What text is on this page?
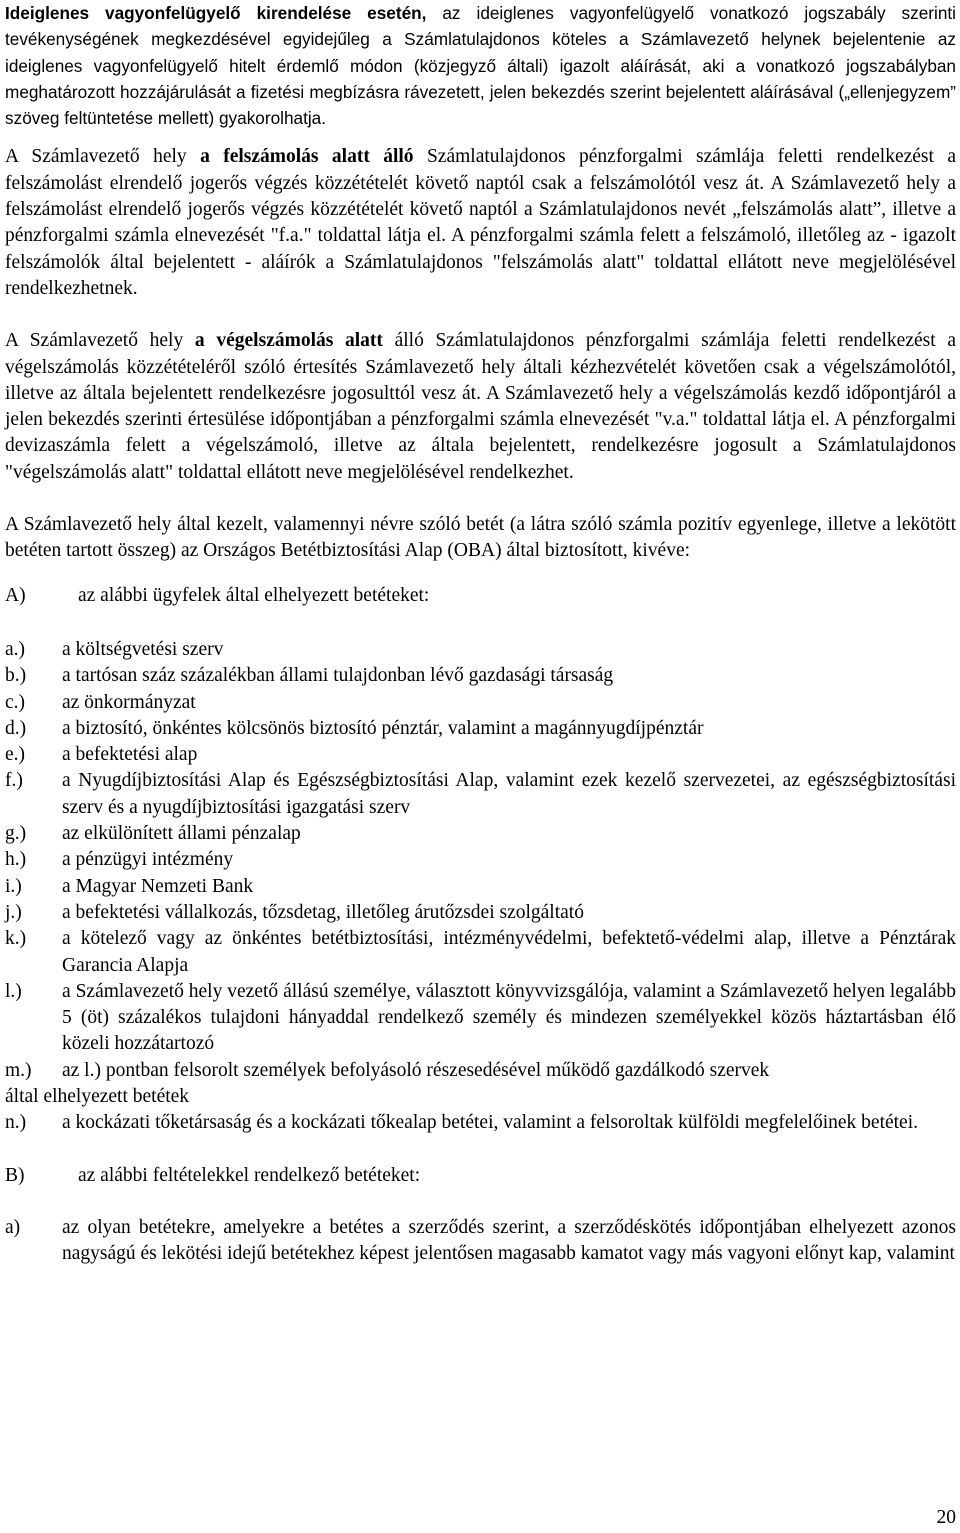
Ideiglenes vagyonfelügyelő kirendelése esetén, az ideiglenes vagyonfelügyelő vonatkozó jogszabály szerinti tevékenységének megkezdésével egyidejűleg a Számlatulajdonos köteles a Számlavezető helynek bejelentenie az ideiglenes vagyonfelügyelő hitelt érdemlő módon (közjegyző általi) igazolt aláírását, aki a vonatkozó jogszabályban meghatározott hozzájárulását a fizetési megbízásra rávezetett, jelen bekezdés szerint bejelentett aláírásával („ellenjegyzem” szöveg feltüntetése mellett) gyakorolhatja.

A Számlavezető hely a felszámolás alatt álló Számlatulajdonos pénzforgalmi számlája feletti rendelkezést a felszámolást elrendelő jogerős végzés közzétételét követő naptól csak a felszámolótól vesz át. A Számlavezető hely a felszámolást elrendelő jogerős végzés közzétételét követő naptól a Számlatulajdonos nevét „felszámolás alatt”, illetve a pénzforgalmi számla elnevezését "f.a." toldattal látja el. A pénzforgalmi számla felett a felszámoló, illetőleg az - igazolt felszámolók által bejelentett - aláírók a Számlatulajdonos "felszámolás alatt" toldattal ellátott neve megjelölésével rendelkezhetnek.

A Számlavezető hely a végelszámolás alatt álló Számlatulajdonos pénzforgalmi számlája feletti rendelkezést a végelszámolás közzétételéről szóló értesítés Számlavezető hely általi kézhezvételét követően csak a végelszámolótól, illetve az általa bejelentett rendelkezésre jogosulttól vesz át. A Számlavezető hely a végelszámolás kezdő időpontjáról a jelen bekezdés szerinti értesülése időpontjában a pénzforgalmi számla elnevezését "v.a." toldattal látja el. A pénzforgalmi devizaszámla felett a végelszámoló, illetve az általa bejelentett, rendelkezésre jogosult a Számlatulajdonos "végelszámolás alatt" toldattal ellátott neve megjelölésével rendelkezhet.

A Számlavezető hely által kezelt, valamennyi névre szóló betét (a látra szóló számla pozitív egyenlege, illetve a lekötött betéten tartott összeg) az Országos Betétbiztosítási Alap (OBA) által biztosított, kivéve:

A)	az alábbi ügyfelek által elhelyezett betéteket:
a.)	a költségvetési szerv
b.)	a tartósan száz százalékban állami tulajdonban lévő gazdasági társaság
c.)	az önkormányzat
d.)	a biztosító, önkéntes kölcsönös biztosító pénztár, valamint a magánnyugdíjpénztár
e.)	a befektetési alap
f.)	a Nyugdíjbiztosítási Alap és Egészségbiztosítási Alap, valamint ezek kezelő szervezetei, az egészségbiztosítási szerv és a nyugdíjbiztosítási igazgatási szerv
g.)	az elkülönített állami pénzalap
h.)	a pénzügyi intézmény
i.)	a Magyar Nemzeti Bank
j.)	a befektetési vállalkozás, tőzsdetag, illetőleg árutőzsdei szolgáltató
k.)	a kötelező vagy az önkéntes betétbiztosítási, intézményvédelmi, befektető-védelmi alap, illetve a Pénztárak Garancia Alapja
l.)	a Számlavezető hely vezető állású személye, választott könyvvizsgálója, valamint a Számlavezető helyen legalább 5 (öt) százalékos tulajdoni hányaddal rendelkező személy és mindezen személyekkel közös háztartásban élő közeli hozzátartozó
m.)	az l.) pontban felsorolt személyek befolyásoló részesedésével működő gazdálkodó szervek
által elhelyezett betétek
n.)	a kockázati tőketársaság és a kockázati tőkealap betétei, valamint a felsoroltak külföldi megfelelőinek betétei.
B)	az alábbi feltételekkel rendelkező betéteket:
a)	az olyan betétekre, amelyekre a betétes a szerződés szerint, a szerződéskötés időpontjában elhelyezett azonos nagyságú és lekötési idejű betétekhez képest jelentősen magasabb kamatot vagy más vagyoni előnyt kap, valamint
20
